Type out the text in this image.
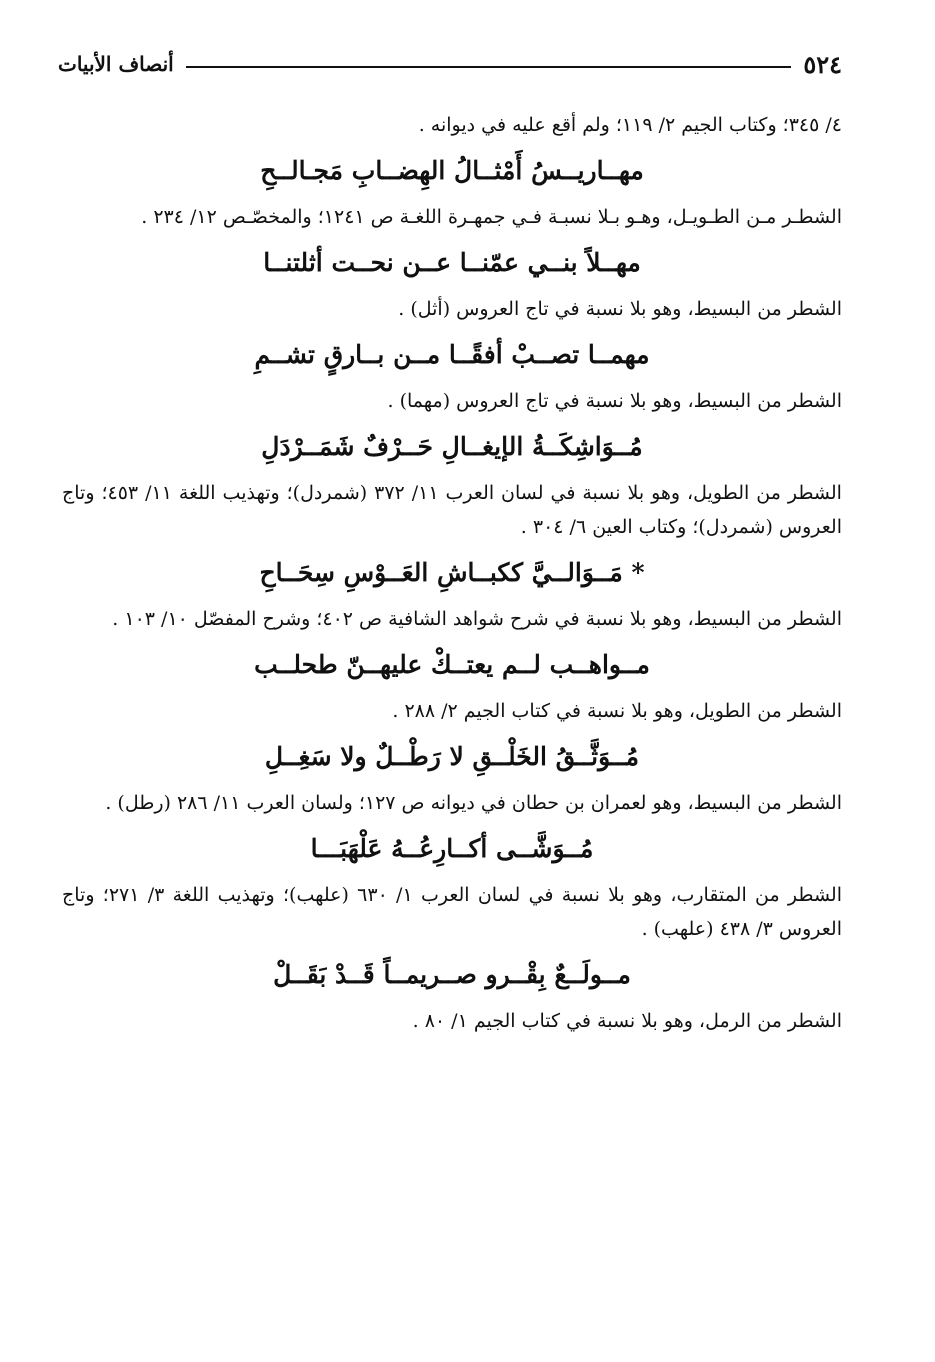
٥٢٤
أنصاف الأبيات

٤/ ٣٤٥؛ وكتاب الجيم ٢/ ١١٩؛ ولم أقع عليه في ديوانه .

مهــاريــسُ أَمْثــالُ الهِضــابِ مَجـالــحِ

الشطـر مـن الطـويـل، وهـو بـلا نسبـة فـي جمهـرة اللغـة ص ١٢٤١؛ والمخصّـص ١٢/ ٢٣٤ .

مهــلاً بنــي عمّنــا عــن نحــت أثلتنــا

الشطر من البسيط، وهو بلا نسبة في تاج العروس (أثل) .

مهمــا تصــبْ أفقًــا مــن بــارقٍ تشــمِ

الشطر من البسيط، وهو بلا نسبة في تاج العروس (مهما) .

مُــوَاشِكَــةُ الإيغــالِ حَــرْفٌ شَمَــرْدَلِ

الشطر من الطويل، وهو بلا نسبة في لسان العرب ١١/ ٣٧٢ (شمردل)؛ وتهذيب اللغة ١١/ ٤٥٣؛ وتاج العروس (شمردل)؛ وكتاب العين ٦/ ٣٠٤ .

* مَــوَالــيَّ ككبــاشِ العَــوْسِ سِحَــاحِ

الشطر من البسيط، وهو بلا نسبة في شرح شواهد الشافية ص ٤٠٢؛ وشرح المفصّل ١٠/ ١٠٣ .

مــواهــب لــم يعتــكْ عليهــنّ طحلــب

الشطر من الطويل، وهو بلا نسبة في كتاب الجيم ٢/ ٢٨٨ .

مُــوَثَّــقُ الخَلْــقِ لا رَطْــلٌ ولا سَغِــلِ

الشطر من البسيط، وهو لعمران بن حطان في ديوانه ص ١٢٧؛ ولسان العرب ١١/ ٢٨٦ (رطل) .

مُــوَشَّــى أكــارِعُــهُ عَلْهَبَـــا

الشطر من المتقارب، وهو بلا نسبة في لسان العرب ١/ ٦٣٠ (علهب)؛ وتهذيب اللغة ٣/ ٢٧١؛ وتاج العروس ٣/ ٤٣٨ (علهب) .

مــولَــعٌ بِقْــرو صــريمــاً قَــدْ بَقَــلْ

الشطر من الرمل، وهو بلا نسبة في كتاب الجيم ١/ ٨٠ .
